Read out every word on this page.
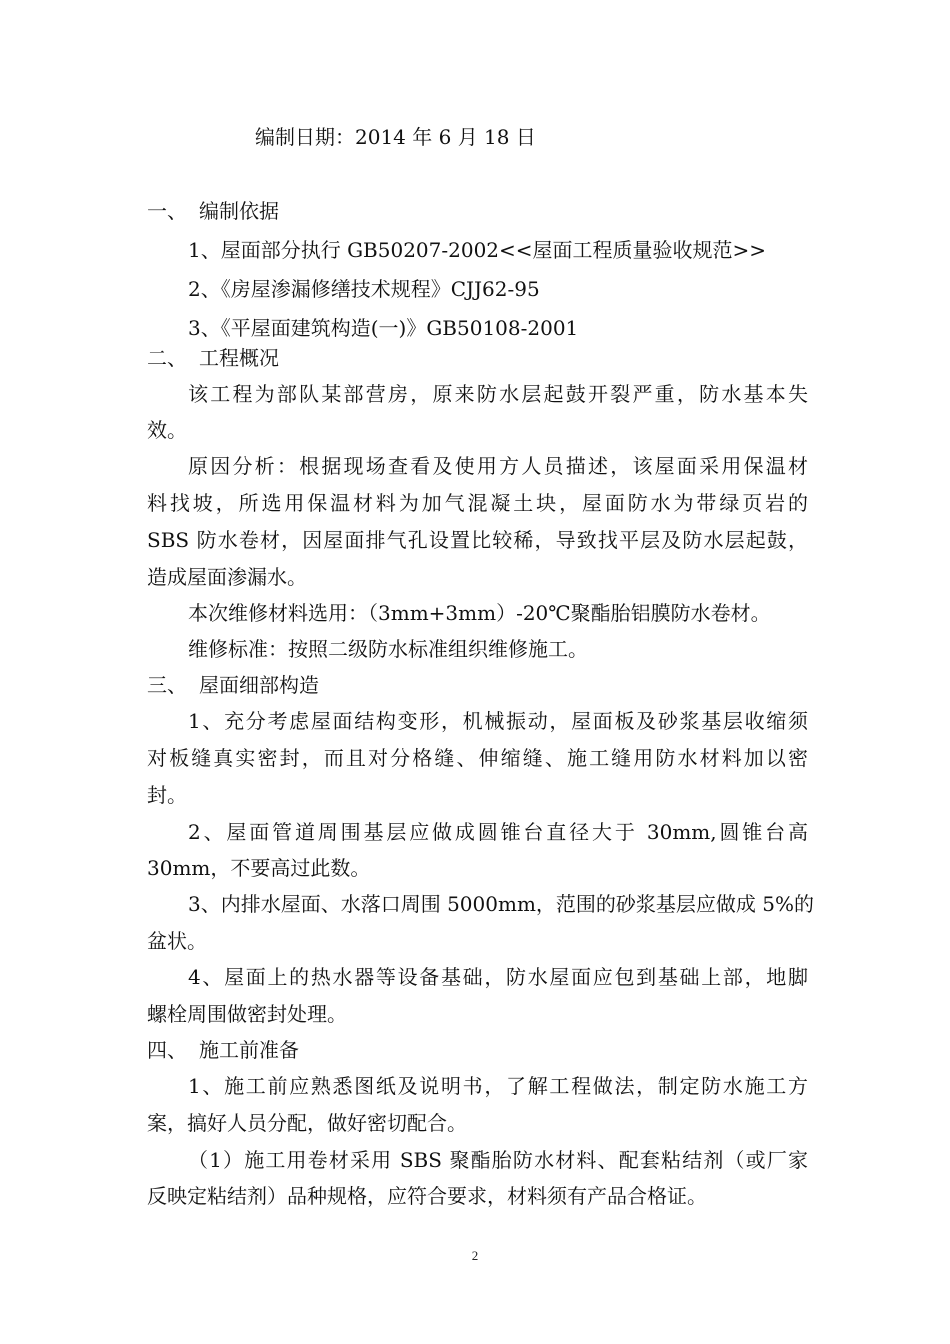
编制日期：2014 年 6 月 18 日
一、 编制依据
1、屋面部分执行 GB50207-2002<<屋面工程质量验收规范>>
2、《房屋渗漏修缮技术规程》CJJ62-95
3、《平屋面建筑构造(一)》GB50108-2001
二、 工程概况
该工程为部队某部营房，原来防水层起鼓开裂严重，防水基本失
效。
原因分析：根据现场查看及使用方人员描述，该屋面采用保温材
料找坡，所选用保温材料为加气混凝土块，屋面防水为带绿页岩的
SBS 防水卷材，因屋面排气孔设置比较稀，导致找平层及防水层起鼓，
造成屋面渗漏水。
本次维修材料选用：（3mm+3mm）-20℃聚酯胎铝膜防水卷材。
维修标准：按照二级防水标准组织维修施工。
三、 屋面细部构造
1、充分考虑屋面结构变形，机械振动，屋面板及砂浆基层收缩须
对板缝真实密封，而且对分格缝、伸缩缝、施工缝用防水材料加以密
封。
2、屋面管道周围基层应做成圆锥台直径大于 30mm,圆锥台高
30mm，不要高过此数。
3、内排水屋面、水落口周围 5000mm，范围的砂浆基层应做成 5%的
盆状。
4、屋面上的热水器等设备基础，防水屋面应包到基础上部，地脚
螺栓周围做密封处理。
四、 施工前准备
1、施工前应熟悉图纸及说明书，了解工程做法，制定防水施工方
案，搞好人员分配，做好密切配合。
（1）施工用卷材采用 SBS 聚酯胎防水材料、配套粘结剂（或厂家
反映定粘结剂）品种规格，应符合要求，材料须有产品合格证。
2
